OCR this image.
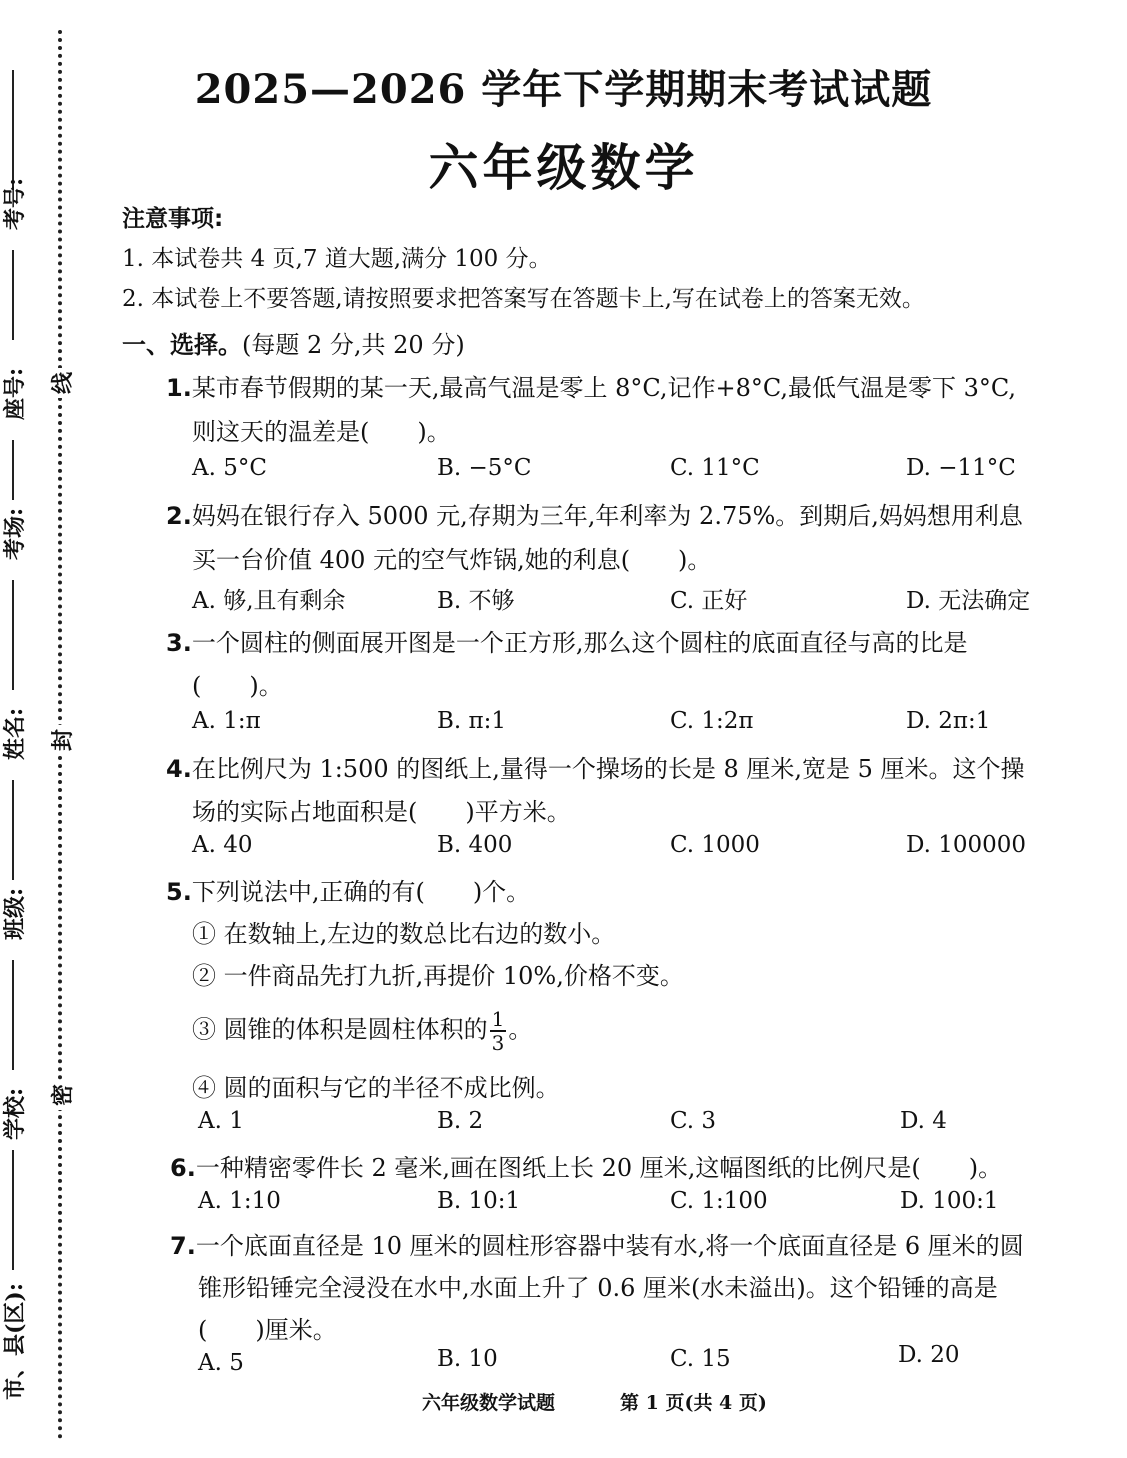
考号:
座号:
考场:
姓名:
班级:
学校:
市、县(区):
线
封
密
2025—2026 学年下学期期末考试试题
六年级数学
注意事项:
1. 本试卷共 4 页,7 道大题,满分 100 分。
2. 本试卷上不要答题,请按照要求把答案写在答题卡上,写在试卷上的答案无效。
一、选择。(每题 2 分,共 20 分)
1.某市春节假期的某一天,最高气温是零上 8°C,记作+8°C,最低气温是零下 3°C,
则这天的温差是(　　)。
A. 5°C	B. −5°C	C. 11°C	D. −11°C
2.妈妈在银行存入 5000 元,存期为三年,年利率为 2.75%。到期后,妈妈想用利息
买一台价值 400 元的空气炸锅,她的利息(　　)。
A. 够,且有剩余	B. 不够	C. 正好	D. 无法确定
3.一个圆柱的侧面展开图是一个正方形,那么这个圆柱的底面直径与高的比是
(　　)。
A. 1:π	B. π:1	C. 1:2π	D. 2π:1
4.在比例尺为 1:500 的图纸上,量得一个操场的长是 8 厘米,宽是 5 厘米。这个操
场的实际占地面积是(　　)平方米。
A. 40	B. 400	C. 1000	D. 100000
5.下列说法中,正确的有(　　)个。
① 在数轴上,左边的数总比右边的数小。
② 一件商品先打九折,再提价 10%,价格不变。
③ 圆锥的体积是圆柱体积的 $\frac{1}{3}$ 。
④ 圆的面积与它的半径不成比例。
A. 1	B. 2	C. 3	D. 4
6.一种精密零件长 2 毫米,画在图纸上长 20 厘米,这幅图纸的比例尺是(　　)。
A. 1:10	B. 10:1	C. 1:100	D. 100:1
7.一个底面直径是 10 厘米的圆柱形容器中装有水,将一个底面直径是 6 厘米的圆
锥形铅锤完全浸没在水中,水面上升了 0.6 厘米(水未溢出)。这个铅锤的高是
(　　)厘米。
A. 5	B. 10	C. 15	D. 20
六年级数学试题	第 1 页(共 4 页)
